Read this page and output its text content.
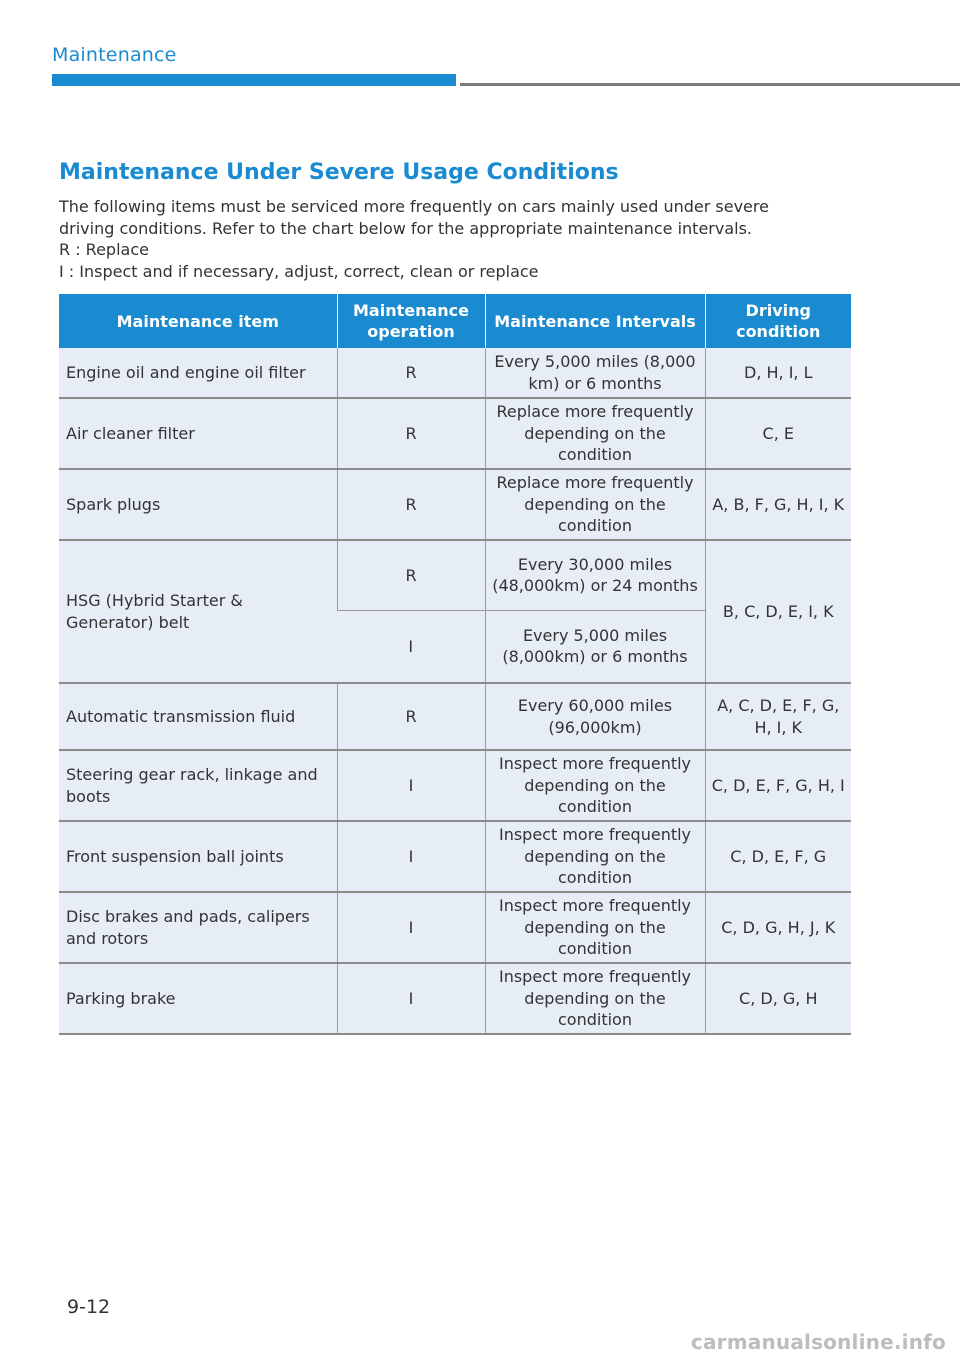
Maintenance
Maintenance Under Severe Usage Conditions
The following items must be serviced more frequently on cars mainly used under severe
driving conditions. Refer to the chart below for the appropriate maintenance intervals.
R : Replace
I : Inspect and if necessary, adjust, correct, clean or replace
Maintenance item	Maintenance operation	Maintenance Intervals	Driving condition
Engine oil and engine oil filter	R	Every 5,000 miles (8,000 km) or 6 months	D, H, I, L
Air cleaner filter	R	Replace more frequently depending on the condition	C, E
Spark plugs	R	Replace more frequently depending on the condition	A, B, F, G, H, I, K
HSG (Hybrid Starter & Generator) belt	R	Every 30,000 miles (48,000km) or 24 months	B, C, D, E, I, K
	I	Every 5,000 miles (8,000km) or 6 months	
Automatic transmission fluid	R	Every 60,000 miles (96,000km)	A, C, D, E, F, G, H, I, K
Steering gear rack, linkage and boots	I	Inspect more frequently depending on the condition	C, D, E, F, G, H, I
Front suspension ball joints	I	Inspect more frequently depending on the condition	C, D, E, F, G
Disc brakes and pads, calipers and rotors	I	Inspect more frequently depending on the condition	C, D, G, H, J, K
Parking brake	I	Inspect more frequently depending on the condition	C, D, G, H
9-12
carmanualsonline.info
